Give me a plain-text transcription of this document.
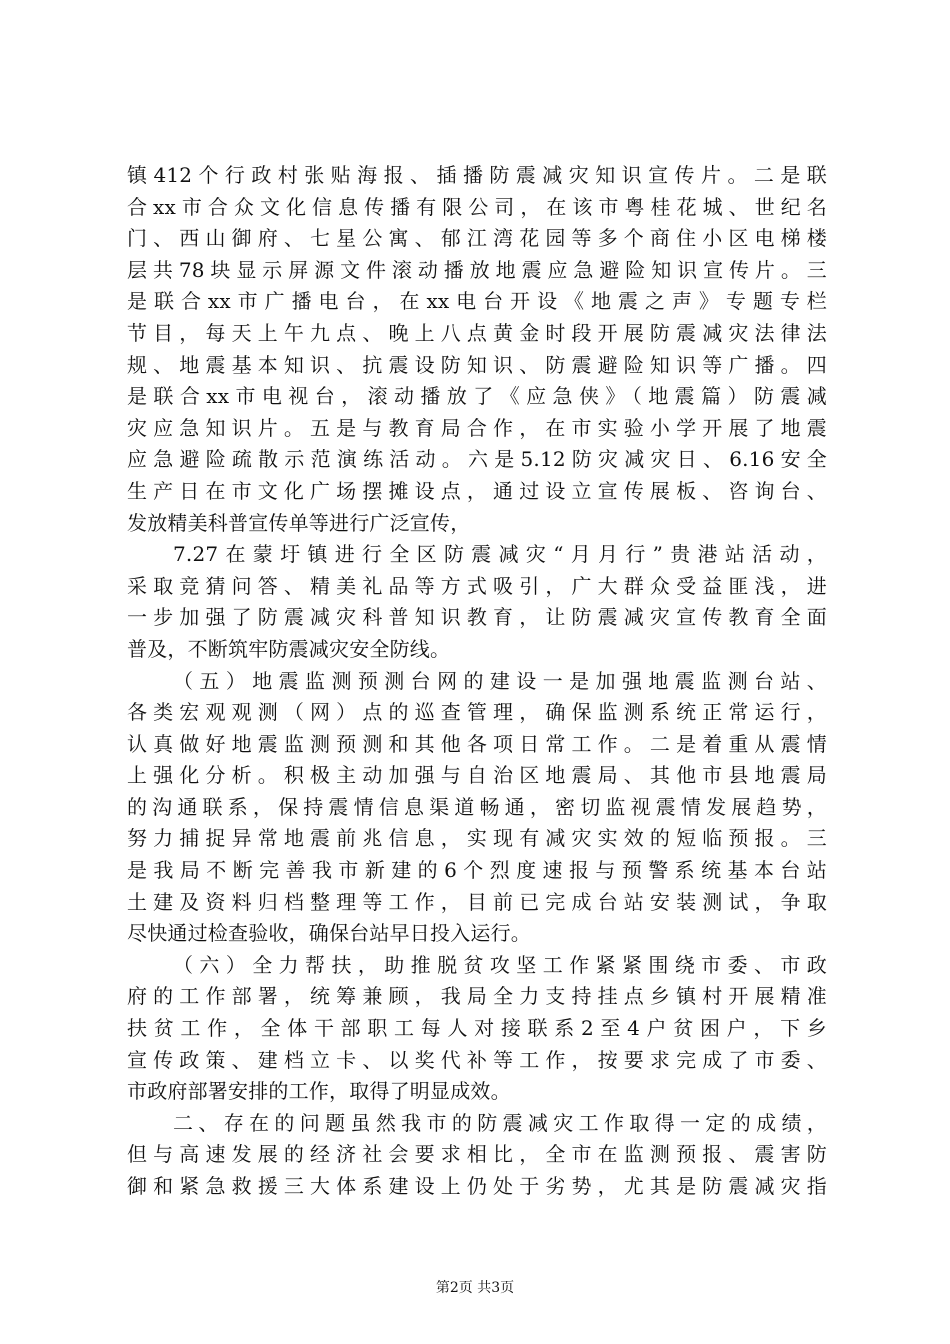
镇412个行政村张贴海报、插播防震减灾知识宣传片。二是联
合xx市合众文化信息传播有限公司，在该市粤桂花城、世纪名
门、西山御府、七星公寓、郁江湾花园等多个商住小区电梯楼
层共78块显示屏源文件滚动播放地震应急避险知识宣传片。三
是联合xx市广播电台，在xx电台开设《地震之声》专题专栏
节目，每天上午九点、晚上八点黄金时段开展防震减灾法律法
规、地震基本知识、抗震设防知识、防震避险知识等广播。四
是联合xx市电视台，滚动播放了《应急侠》（地震篇）防震减
灾应急知识片。五是与教育局合作，在市实验小学开展了地震
应急避险疏散示范演练活动。六是5.12防灾减灾日、6.16安全
生产日在市文化广场摆摊设点，通过设立宣传展板、咨询台、
发放精美科普宣传单等进行广泛宣传，
7.27在蒙圩镇进行全区防震减灾“月月行”贵港站活动，
采取竞猜问答、精美礼品等方式吸引，广大群众受益匪浅，进
一步加强了防震减灾科普知识教育，让防震减灾宣传教育全面
普及，不断筑牢防震减灾安全防线。
（五）地震监测预测台网的建设一是加强地震监测台站、
各类宏观观测（网）点的巡查管理，确保监测系统正常运行，
认真做好地震监测预测和其他各项日常工作。二是着重从震情
上强化分析。积极主动加强与自治区地震局、其他市县地震局
的沟通联系，保持震情信息渠道畅通，密切监视震情发展趋势，
努力捕捉异常地震前兆信息，实现有减灾实效的短临预报。三
是我局不断完善我市新建的6个烈度速报与预警系统基本台站
土建及资料归档整理等工作，目前已完成台站安装测试，争取
尽快通过检查验收，确保台站早日投入运行。
（六）全力帮扶，助推脱贫攻坚工作紧紧围绕市委、市政
府的工作部署，统筹兼顾，我局全力支持挂点乡镇村开展精准
扶贫工作，全体干部职工每人对接联系2至4户贫困户，下乡
宣传政策、建档立卡、以奖代补等工作，按要求完成了市委、
市政府部署安排的工作，取得了明显成效。
二、存在的问题虽然我市的防震减灾工作取得一定的成绩，
但与高速发展的经济社会要求相比，全市在监测预报、震害防
御和紧急救援三大体系建设上仍处于劣势，尤其是防震减灾指
第2页 共3页
